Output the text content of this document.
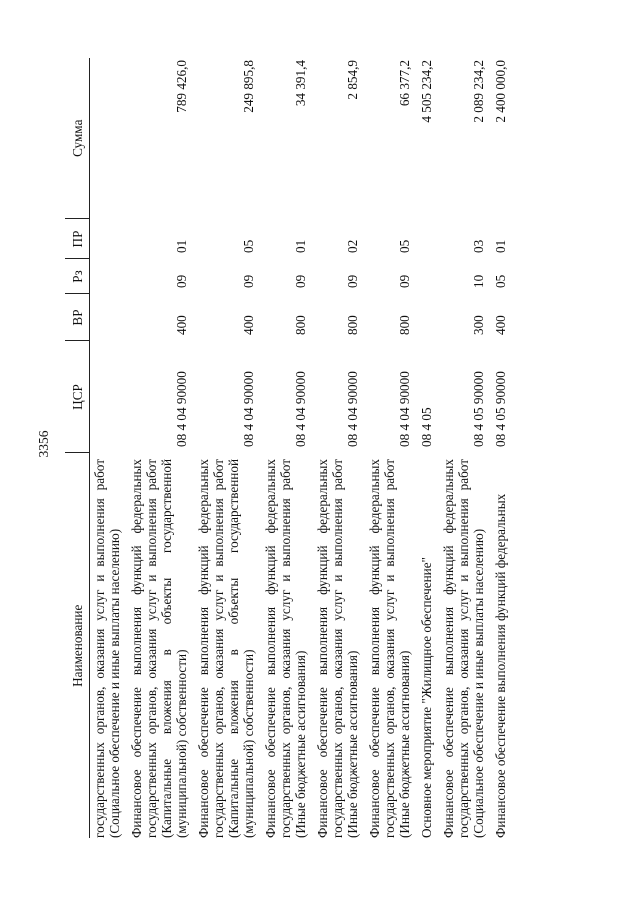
3356
Наименование	ЦСР	ВР	Рз	ПР	Сумма
государственных органов, оказания услуг и выполнения работ (Социальное обеспечение и иные выплаты населению)					
Финансовое обеспечение выполнения функций федеральных государственных органов, оказания услуг и выполнения работ (Капитальные вложения в объекты государственной (муниципальной) собственности)	08 4 04 90000	400	09	01	789 426,0
Финансовое обеспечение выполнения функций федеральных государственных органов, оказания услуг и выполнения работ (Капитальные вложения в объекты государственной (муниципальной) собственности)	08 4 04 90000	400	09	05	249 895,8
Финансовое обеспечение выполнения функций федеральных государственных органов, оказания услуг и выполнения работ (Иные бюджетные ассигнования)	08 4 04 90000	800	09	01	34 391,4
Финансовое обеспечение выполнения функций федеральных государственных органов, оказания услуг и выполнения работ (Иные бюджетные ассигнования)	08 4 04 90000	800	09	02	2 854,9
Финансовое обеспечение выполнения функций федеральных государственных органов, оказания услуг и выполнения работ (Иные бюджетные ассигнования)	08 4 04 90000	800	09	05	66 377,2
Основное мероприятие "Жилищное обеспечение"	08 4 05				4 505 234,2
Финансовое обеспечение выполнения функций федеральных государственных органов, оказания услуг и выполнения работ (Социальное обеспечение и иные выплаты населению)	08 4 05 90000	300	10	03	2 089 234,2
Финансовое обеспечение выполнения функций федеральных	08 4 05 90000	400	05	01	2 400 000,0
